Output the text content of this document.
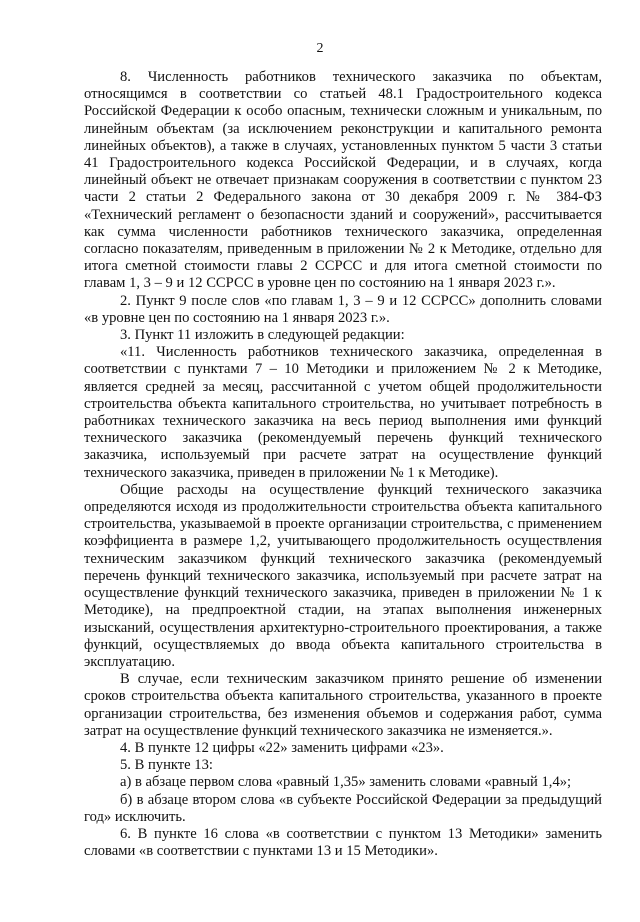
2

8. Численность работников технического заказчика по объектам, относящимся в соответствии со статьей 48.1 Градостроительного кодекса Российской Федерации к особо опасным, технически сложным и уникальным, по линейным объектам (за исключением реконструкции и капитального ремонта линейных объектов), а также в случаях, установленных пунктом 5 части 3 статьи 41 Градостроительного кодекса Российской Федерации, и в случаях, когда линейный объект не отвечает признакам сооружения в соответствии с пунктом 23 части 2 статьи 2 Федерального закона от 30 декабря 2009 г. № 384-ФЗ «Технический регламент о безопасности зданий и сооружений», рассчитывается как сумма численности работников технического заказчика, определенная согласно показателям, приведенным в приложении № 2 к Методике, отдельно для итога сметной стоимости главы 2 ССРСС и для итога сметной стоимости по главам 1, 3 – 9 и 12 ССРСС в уровне цен по состоянию на 1 января 2023 г.».

2. Пункт 9 после слов «по главам 1, 3 – 9 и 12 ССРСС» дополнить словами «в уровне цен по состоянию на 1 января 2023 г.».

3. Пункт 11 изложить в следующей редакции:

«11. Численность работников технического заказчика, определенная в соответствии с пунктами 7 – 10 Методики и приложением № 2 к Методике, является средней за месяц, рассчитанной с учетом общей продолжительности строительства объекта капитального строительства, но учитывает потребность в работниках технического заказчика на весь период выполнения ими функций технического заказчика (рекомендуемый перечень функций технического заказчика, используемый при расчете затрат на осуществление функций технического заказчика, приведен в приложении № 1 к Методике).

Общие расходы на осуществление функций технического заказчика определяются исходя из продолжительности строительства объекта капитального строительства, указываемой в проекте организации строительства, с применением коэффициента в размере 1,2, учитывающего продолжительность осуществления техническим заказчиком функций технического заказчика (рекомендуемый перечень функций технического заказчика, используемый при расчете затрат на осуществление функций технического заказчика, приведен в приложении № 1 к Методике), на предпроектной стадии, на этапах выполнения инженерных изысканий, осуществления архитектурно-строительного проектирования, а также функций, осуществляемых до ввода объекта капитального строительства в эксплуатацию.

В случае, если техническим заказчиком принято решение об изменении сроков строительства объекта капитального строительства, указанного в проекте организации строительства, без изменения объемов и содержания работ, сумма затрат на осуществление функций технического заказчика не изменяется.».

4. В пункте 12 цифры «22» заменить цифрами «23».

5. В пункте 13:

а) в абзаце первом слова «равный 1,35» заменить словами «равный 1,4»;

б) в абзаце втором слова «в субъекте Российской Федерации за предыдущий год» исключить.

6. В пункте 16 слова «в соответствии с пунктом 13 Методики» заменить словами «в соответствии с пунктами 13 и 15 Методики».
